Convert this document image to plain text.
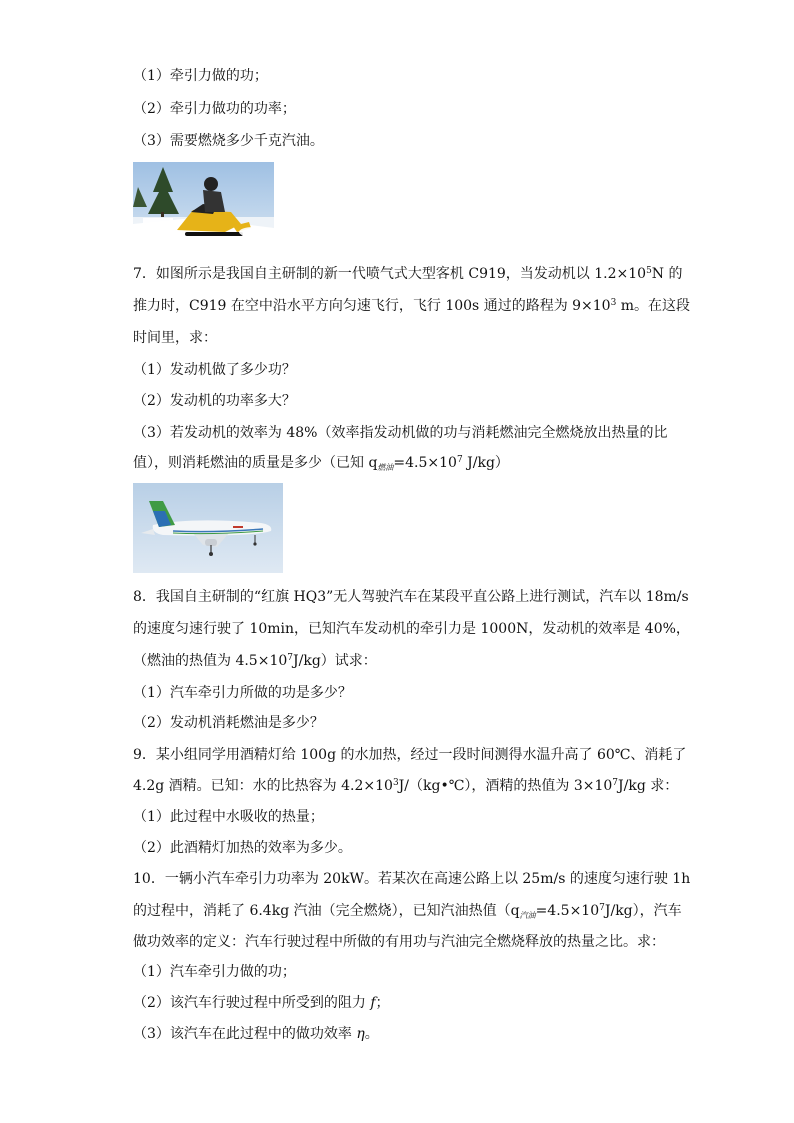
（1）牵引力做的功；
（2）牵引力做功的功率；
（3）需要燃烧多少千克汽油。
7．如图所示是我国自主研制的新一代喷气式大型客机 C919，当发动机以 $1.2\times 10^5N$ 的
推力时，C919 在空中沿水平方向匀速飞行，飞行 100s 通过的路程为 $9\times 10^3$ m。在这段
时间里，求：
（1）发动机做了多少功？
（2）发动机的功率多大？
（3）若发动机的效率为 48%（效率指发动机做的功与消耗燃油完全燃烧放出热量的比
值），则消耗燃油的质量是多少（已知 $q_{燃油}=4.5\times 10^7$ J/kg）
8．我国自主研制的“红旗 HQ3”无人驾驶汽车在某段平直公路上进行测试，汽车以 18m/s
的速度匀速行驶了 10min，已知汽车发动机的牵引力是 1000N，发动机的效率是 40%，
（燃油的热值为 $4.5\times 10^7J/kg$）试求：
（1）汽车牵引力所做的功是多少？
（2）发动机消耗燃油是多少？
9．某小组同学用酒精灯给 100g 的水加热，经过一段时间测得水温升高了 60℃、消耗了
4.2g 酒精。已知：水的比热容为 $4.2\times 10^3J/(kg•℃)$，酒精的热值为 $3\times 10^7J/kg$ 求：
（1）此过程中水吸收的热量；
（2）此酒精灯加热的效率为多少。
10．一辆小汽车牵引力功率为 20kW。若某次在高速公路上以 25m/s 的速度匀速行驶 1h
的过程中，消耗了 6.4kg 汽油（完全燃烧），已知汽油热值$(q_{汽油}=4.5\times 10^7J/kg)$，汽车
做功效率的定义：汽车行驶过程中所做的有用功与汽油完全燃烧释放的热量之比。求：
（1）汽车牵引力做的功；
（2）该汽车行驶过程中所受到的阻力 f；
（3）该汽车在此过程中的做功效率 η。
